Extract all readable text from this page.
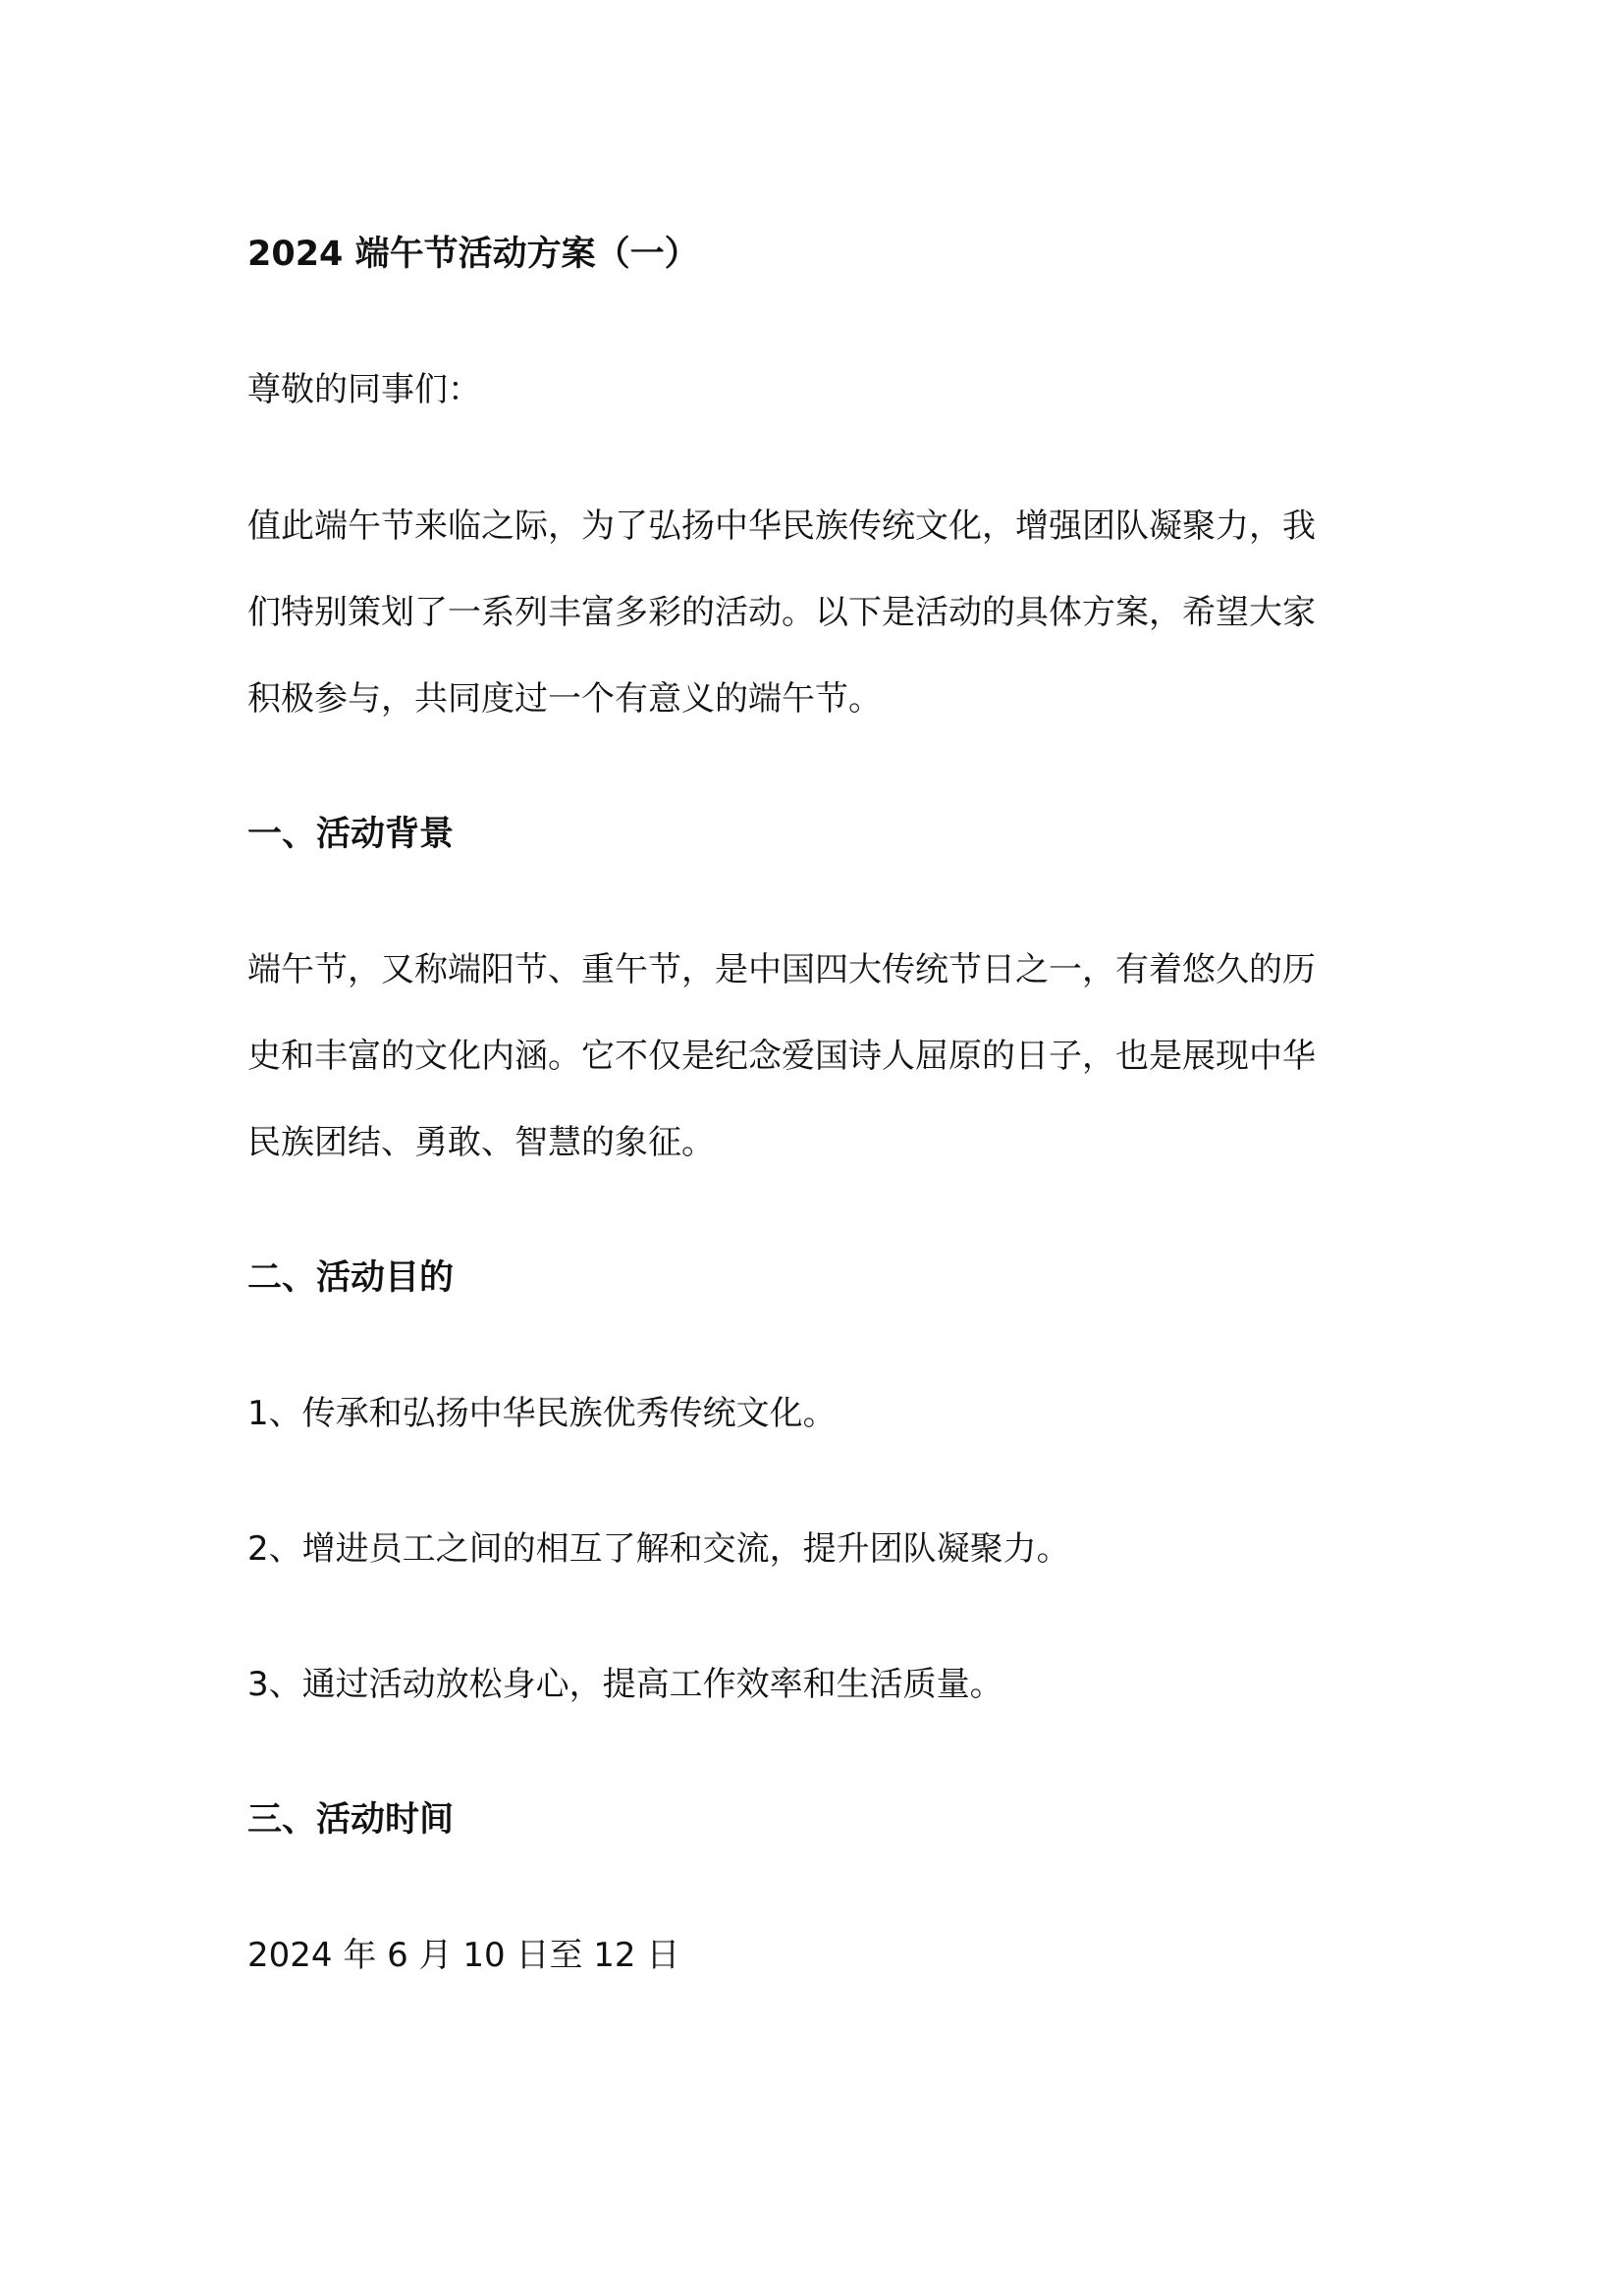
2024 端午节活动方案（一）
尊敬的同事们：
值此端午节来临之际，为了弘扬中华民族传统文化，增强团队凝聚力，我
们特别策划了一系列丰富多彩的活动。以下是活动的具体方案，希望大家
积极参与，共同度过一个有意义的端午节。
一、活动背景
端午节，又称端阳节、重午节，是中国四大传统节日之一，有着悠久的历
史和丰富的文化内涵。它不仅是纪念爱国诗人屈原的日子，也是展现中华
民族团结、勇敢、智慧的象征。
二、活动目的
1、传承和弘扬中华民族优秀传统文化。
2、增进员工之间的相互了解和交流，提升团队凝聚力。
3、通过活动放松身心，提高工作效率和生活质量。
三、活动时间
2024 年 6 月 10 日至 12 日
